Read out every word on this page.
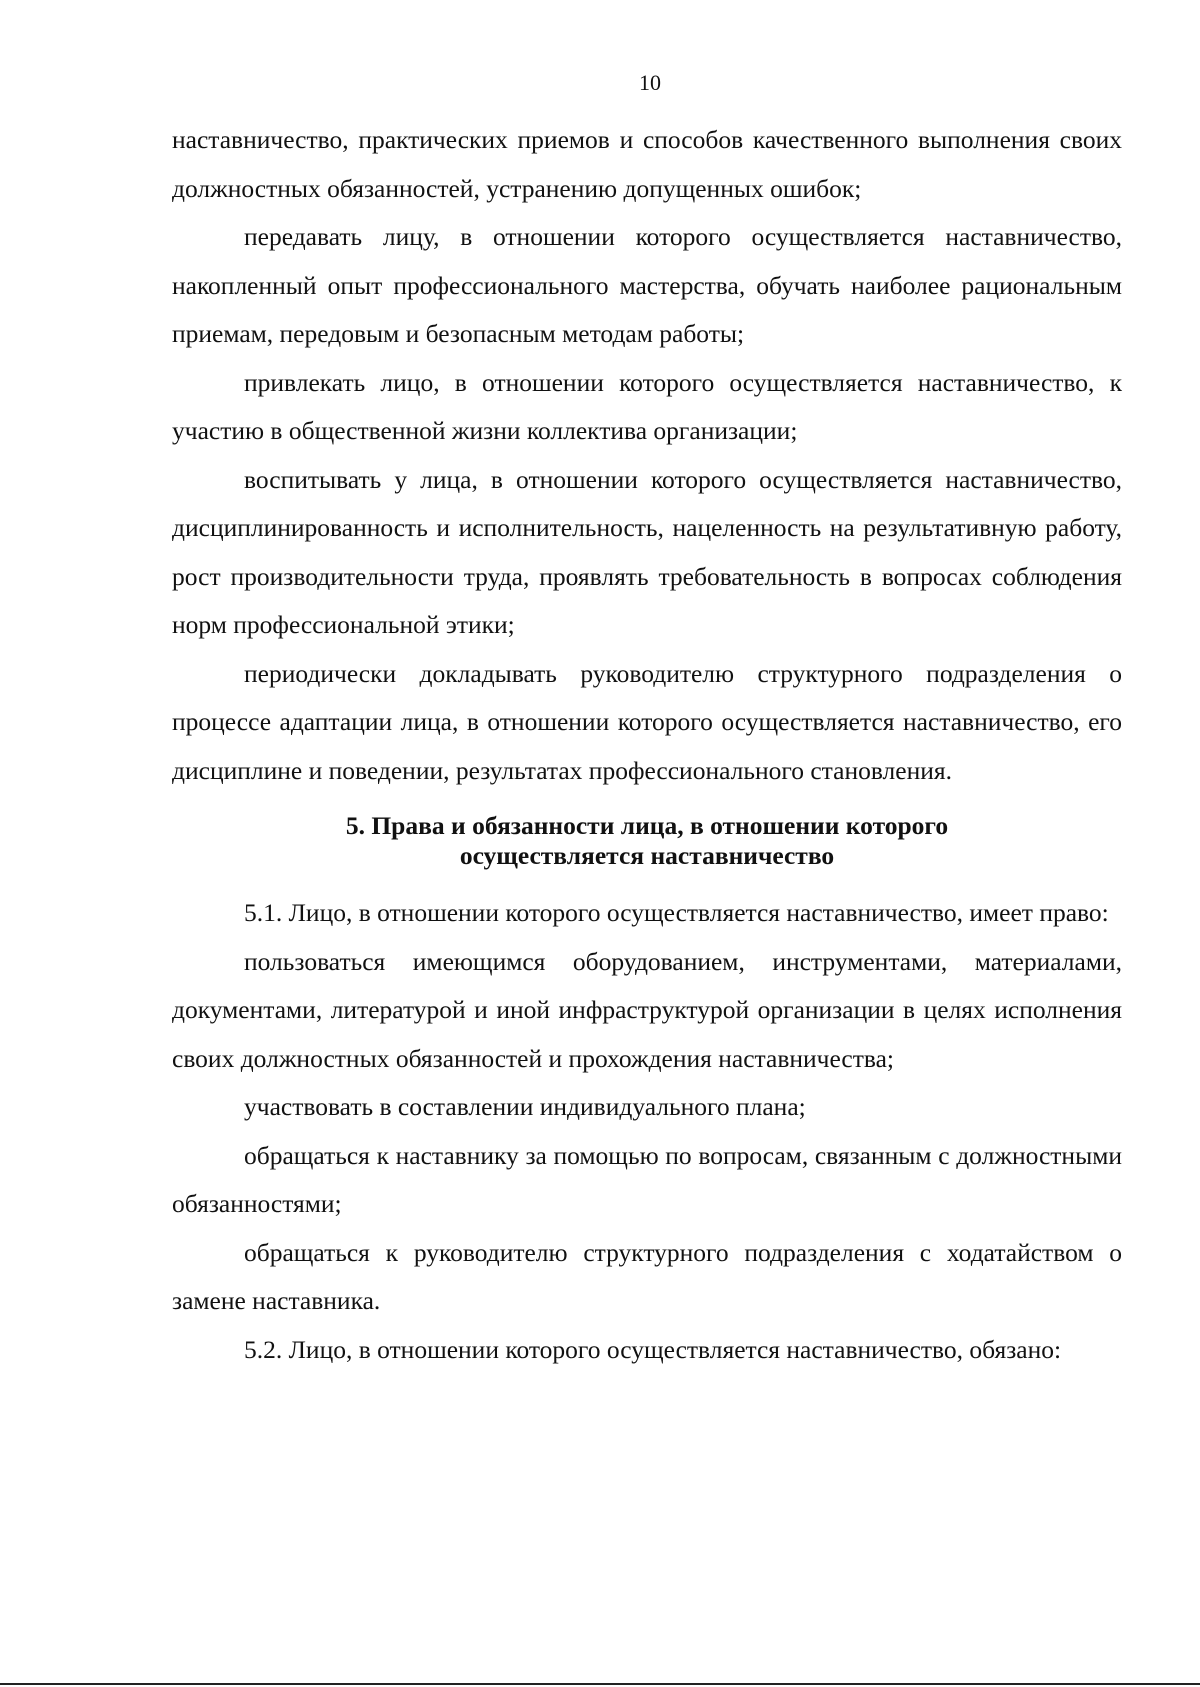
10

наставничество, практических приемов и способов качественного выполнения своих должностных обязанностей, устранению допущенных ошибок;

передавать лицу, в отношении которого осуществляется наставничество, накопленный опыт профессионального мастерства, обучать наиболее рациональным приемам, передовым и безопасным методам работы;

привлекать лицо, в отношении которого осуществляется наставничество, к участию в общественной жизни коллектива организации;

воспитывать у лица, в отношении которого осуществляется наставничество, дисциплинированность и исполнительность, нацеленность на результативную работу, рост производительности труда, проявлять требовательность в вопросах соблюдения норм профессиональной этики;

периодически докладывать руководителю структурного подразделения о процессе адаптации лица, в отношении которого осуществляется наставничество, его дисциплине и поведении, результатах профессионального становления.

5. Права и обязанности лица, в отношении которого
осуществляется наставничество

5.1. Лицо, в отношении которого осуществляется наставничество, имеет право:

пользоваться имеющимся оборудованием, инструментами, материалами, документами, литературой и иной инфраструктурой организации в целях исполнения своих должностных обязанностей и прохождения наставничества;

участвовать в составлении индивидуального плана;

обращаться к наставнику за помощью по вопросам, связанным с должностными обязанностями;

обращаться к руководителю структурного подразделения с ходатайством о замене наставника.

5.2. Лицо, в отношении которого осуществляется наставничество, обязано:
